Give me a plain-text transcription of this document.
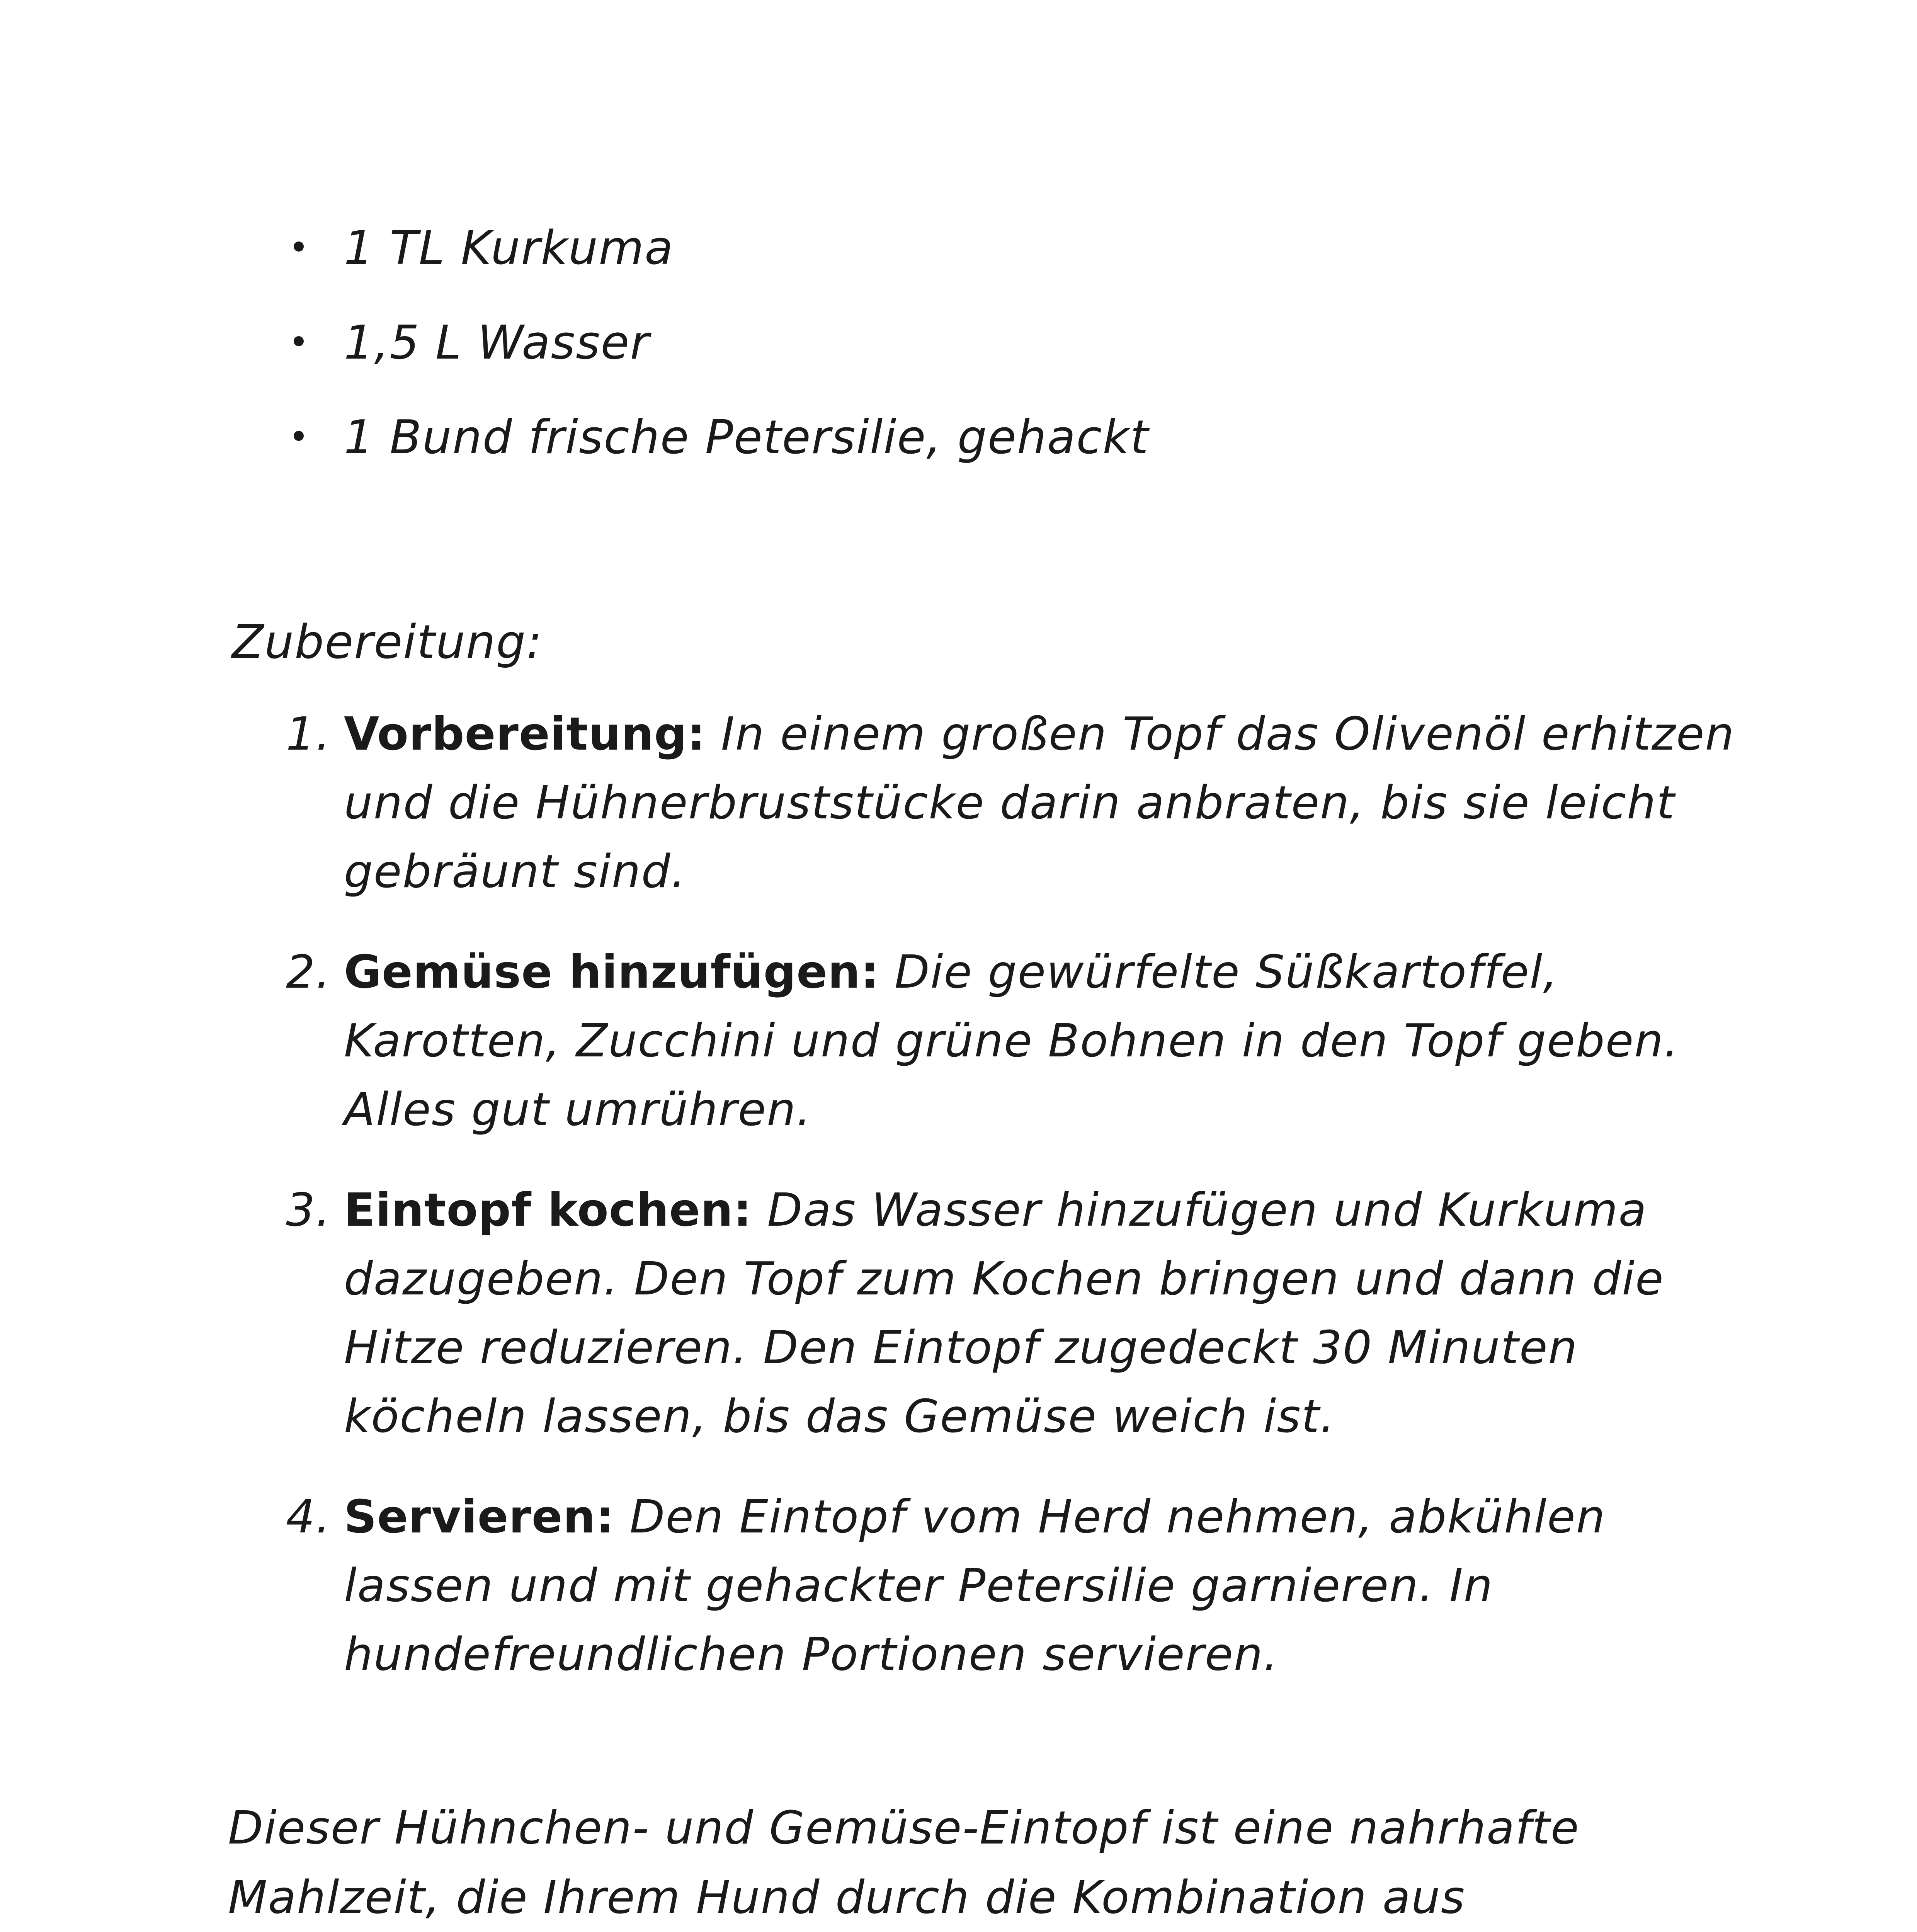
1 TL Kurkuma
1,5 L Wasser
1 Bund frische Petersilie, gehackt
Zubereitung:
1. Vorbereitung: In einem großen Topf das Olivenöl erhitzen und die Hühnerbruststücke darin anbraten, bis sie leicht gebräunt sind.
2. Gemüse hinzufügen: Die gewürfelte Süßkartoffel, Karotten, Zucchini und grüne Bohnen in den Topf geben. Alles gut umrühren.
3. Eintopf kochen: Das Wasser hinzufügen und Kurkuma dazugeben. Den Topf zum Kochen bringen und dann die Hitze reduzieren. Den Eintopf zugedeckt 30 Minuten köcheln lassen, bis das Gemüse weich ist.
4. Servieren: Den Eintopf vom Herd nehmen, abkühlen lassen und mit gehackter Petersilie garnieren. In hundefreundlichen Portionen servieren.

Dieser Hühnchen- und Gemüse-Eintopf ist eine nahrhafte Mahlzeit, die Ihrem Hund durch die Kombination aus
